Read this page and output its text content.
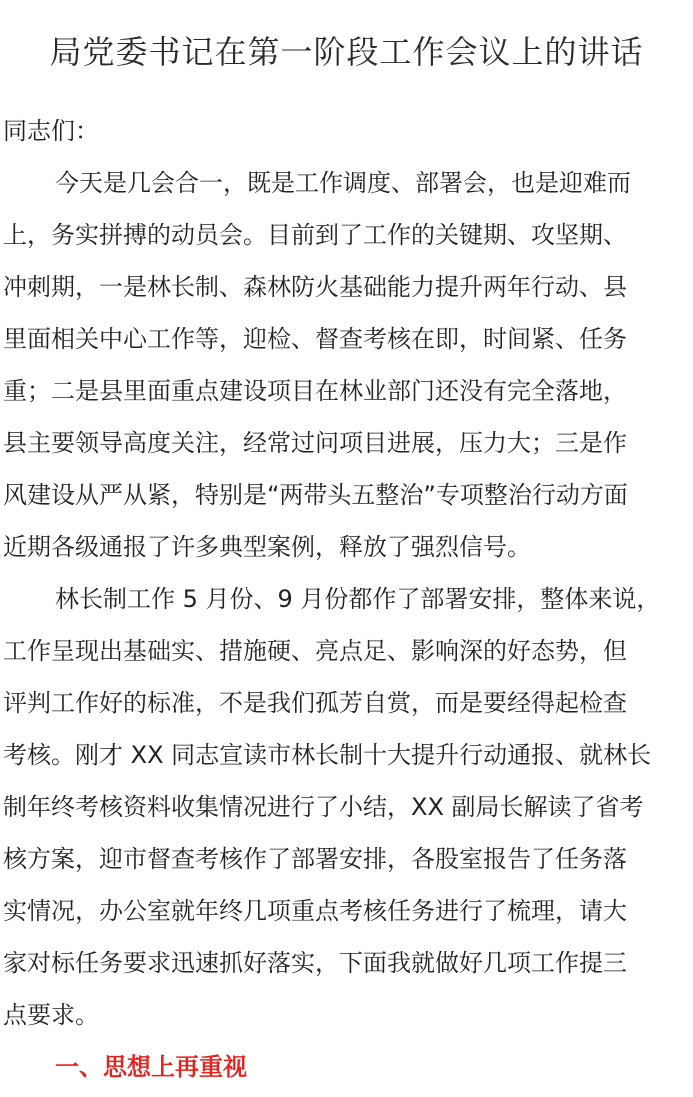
局党委书记在第一阶段工作会议上的讲话
同志们：
今天是几会合一，既是工作调度、部署会，也是迎难而
上，务实拼搏的动员会。目前到了工作的关键期、攻坚期、
冲刺期，一是林长制、森林防火基础能力提升两年行动、县
里面相关中心工作等，迎检、督查考核在即，时间紧、任务
重；二是县里面重点建设项目在林业部门还没有完全落地，
县主要领导高度关注，经常过问项目进展，压力大；三是作
风建设从严从紧，特别是“两带头五整治”专项整治行动方面
近期各级通报了许多典型案例，释放了强烈信号。
林长制工作 5 月份、9 月份都作了部署安排，整体来说，
工作呈现出基础实、措施硬、亮点足、影响深的好态势，但
评判工作好的标准，不是我们孤芳自赏，而是要经得起检查
考核。刚才 XX 同志宣读市林长制十大提升行动通报、就林长
制年终考核资料收集情况进行了小结，XX 副局长解读了省考
核方案，迎市督查考核作了部署安排，各股室报告了任务落
实情况，办公室就年终几项重点考核任务进行了梳理，请大
家对标任务要求迅速抓好落实，下面我就做好几项工作提三
点要求。
一、思想上再重视
